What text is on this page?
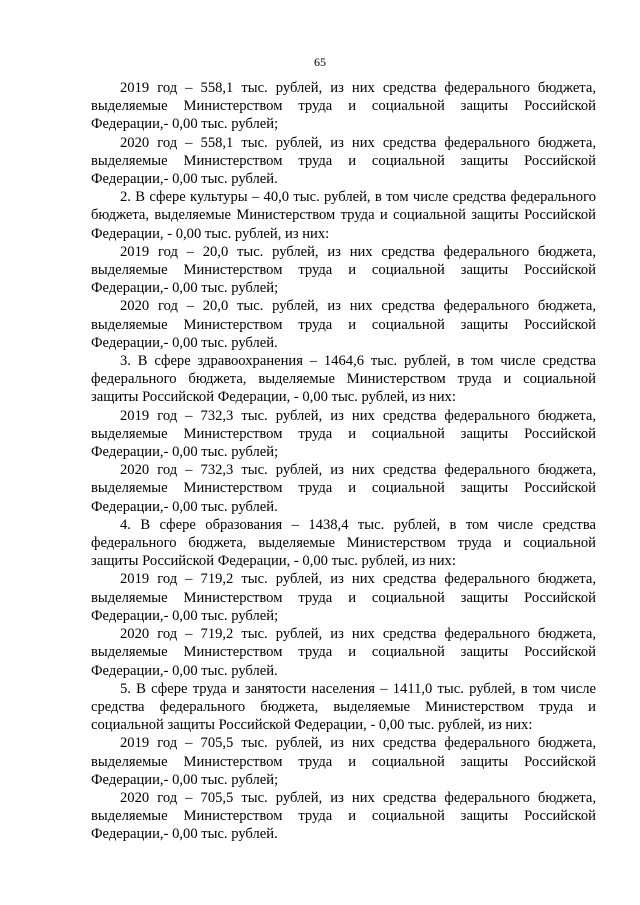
65

2019 год – 558,1 тыс. рублей, из них средства федерального бюджета, выделяемые Министерством труда и социальной защиты Российской Федерации,- 0,00 тыс. рублей;

2020 год – 558,1 тыс. рублей, из них средства федерального бюджета, выделяемые Министерством труда и социальной защиты Российской Федерации,- 0,00 тыс. рублей.

2. В сфере культуры – 40,0 тыс. рублей, в том числе средства федерального бюджета, выделяемые Министерством труда и социальной защиты Российской Федерации, - 0,00 тыс. рублей, из них:

2019 год – 20,0 тыс. рублей, из них средства федерального бюджета, выделяемые Министерством труда и социальной защиты Российской Федерации,- 0,00 тыс. рублей;

2020 год – 20,0 тыс. рублей, из них средства федерального бюджета, выделяемые Министерством труда и социальной защиты Российской Федерации,- 0,00 тыс. рублей.

3. В сфере здравоохранения – 1464,6 тыс. рублей, в том числе средства федерального бюджета, выделяемые Министерством труда и социальной защиты Российской Федерации, - 0,00 тыс. рублей, из них:

2019 год – 732,3 тыс. рублей, из них средства федерального бюджета, выделяемые Министерством труда и социальной защиты Российской Федерации,- 0,00 тыс. рублей;

2020 год – 732,3 тыс. рублей, из них средства федерального бюджета, выделяемые Министерством труда и социальной защиты Российской Федерации,- 0,00 тыс. рублей.

4. В сфере образования – 1438,4 тыс. рублей, в том числе средства федерального бюджета, выделяемые Министерством труда и социальной защиты Российской Федерации, - 0,00 тыс. рублей, из них:

2019 год – 719,2 тыс. рублей, из них средства федерального бюджета, выделяемые Министерством труда и социальной защиты Российской Федерации,- 0,00 тыс. рублей;

2020 год – 719,2 тыс. рублей, из них средства федерального бюджета, выделяемые Министерством труда и социальной защиты Российской Федерации,- 0,00 тыс. рублей.

5. В сфере труда и занятости населения – 1411,0 тыс. рублей, в том числе средства федерального бюджета, выделяемые Министерством труда и социальной защиты Российской Федерации, - 0,00 тыс. рублей, из них:

2019 год – 705,5 тыс. рублей, из них средства федерального бюджета, выделяемые Министерством труда и социальной защиты Российской Федерации,- 0,00 тыс. рублей;

2020 год – 705,5 тыс. рублей, из них средства федерального бюджета, выделяемые Министерством труда и социальной защиты Российской Федерации,- 0,00 тыс. рублей.
